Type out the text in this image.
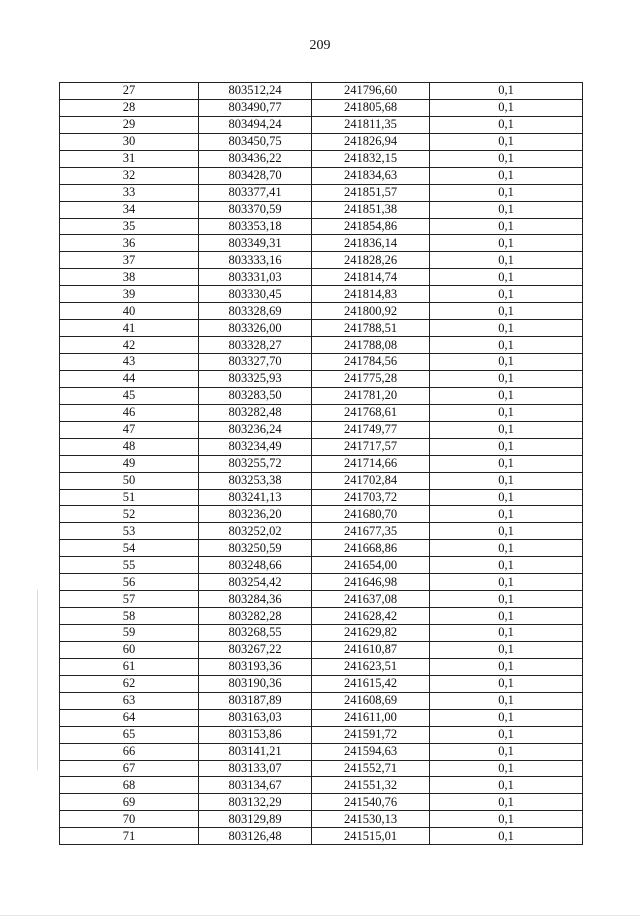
209
27	803512,24	241796,60	0,1
28	803490,77	241805,68	0,1
29	803494,24	241811,35	0,1
30	803450,75	241826,94	0,1
31	803436,22	241832,15	0,1
32	803428,70	241834,63	0,1
33	803377,41	241851,57	0,1
34	803370,59	241851,38	0,1
35	803353,18	241854,86	0,1
36	803349,31	241836,14	0,1
37	803333,16	241828,26	0,1
38	803331,03	241814,74	0,1
39	803330,45	241814,83	0,1
40	803328,69	241800,92	0,1
41	803326,00	241788,51	0,1
42	803328,27	241788,08	0,1
43	803327,70	241784,56	0,1
44	803325,93	241775,28	0,1
45	803283,50	241781,20	0,1
46	803282,48	241768,61	0,1
47	803236,24	241749,77	0,1
48	803234,49	241717,57	0,1
49	803255,72	241714,66	0,1
50	803253,38	241702,84	0,1
51	803241,13	241703,72	0,1
52	803236,20	241680,70	0,1
53	803252,02	241677,35	0,1
54	803250,59	241668,86	0,1
55	803248,66	241654,00	0,1
56	803254,42	241646,98	0,1
57	803284,36	241637,08	0,1
58	803282,28	241628,42	0,1
59	803268,55	241629,82	0,1
60	803267,22	241610,87	0,1
61	803193,36	241623,51	0,1
62	803190,36	241615,42	0,1
63	803187,89	241608,69	0,1
64	803163,03	241611,00	0,1
65	803153,86	241591,72	0,1
66	803141,21	241594,63	0,1
67	803133,07	241552,71	0,1
68	803134,67	241551,32	0,1
69	803132,29	241540,76	0,1
70	803129,89	241530,13	0,1
71	803126,48	241515,01	0,1
